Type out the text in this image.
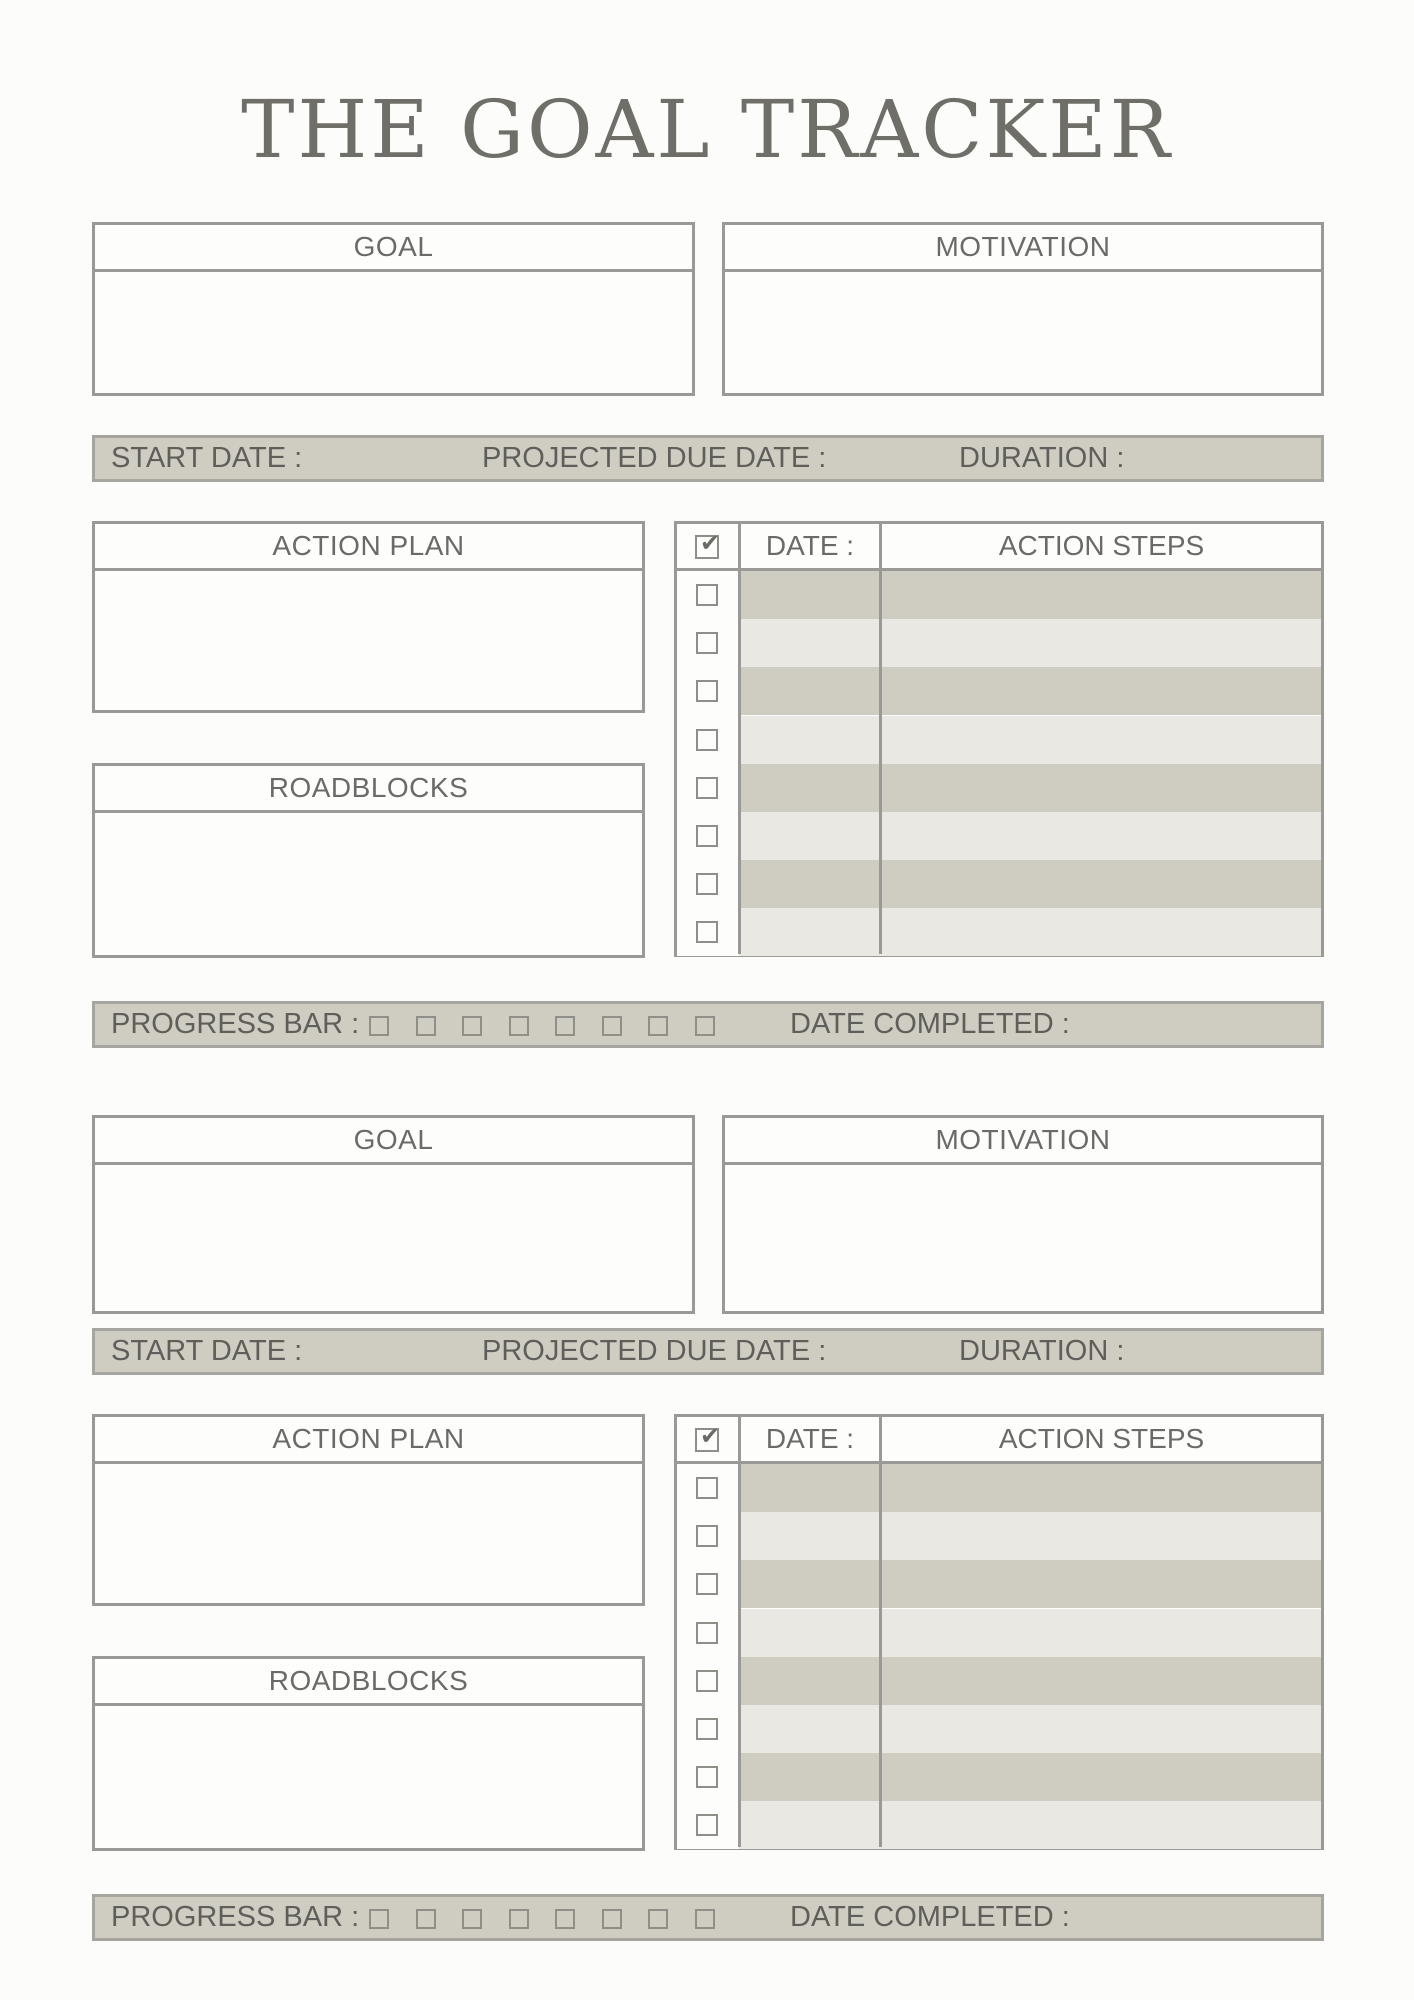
THE GOAL TRACKER
GOAL	MOTIVATION
START DATE :	PROJECTED DUE DATE :	DURATION :
ACTION PLAN
ROADBLOCKS
✔	DATE :	ACTION STEPS
PROGRESS BAR :	DATE COMPLETED :
GOAL	MOTIVATION
START DATE :	PROJECTED DUE DATE :	DURATION :
ACTION PLAN
ROADBLOCKS
✔	DATE :	ACTION STEPS
PROGRESS BAR :	DATE COMPLETED :
